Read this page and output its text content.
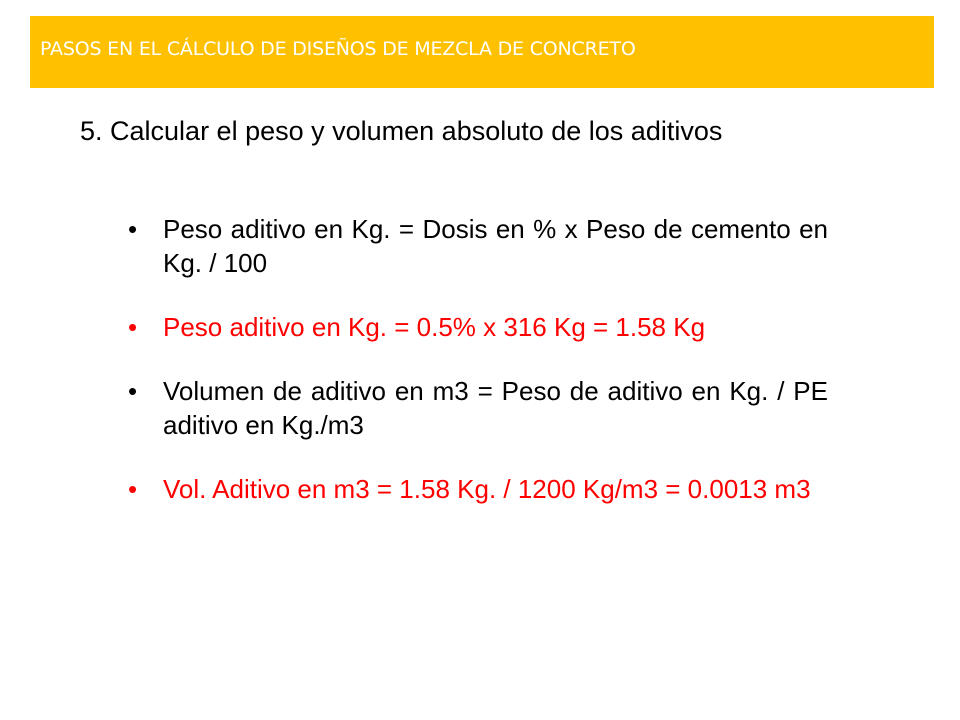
PASOS EN EL CÁLCULO DE DISEÑOS DE MEZCLA DE CONCRETO
5. Calcular el peso y volumen absoluto de los aditivos
• Peso aditivo en Kg. = Dosis en % x Peso de cemento en Kg. / 100
• Peso aditivo en Kg. = 0.5% x 316 Kg = 1.58 Kg
• Volumen de aditivo en m3 = Peso de aditivo en Kg. / PE aditivo en Kg./m3
• Vol. Aditivo en m3 = 1.58 Kg. / 1200 Kg/m3 = 0.0013 m3
